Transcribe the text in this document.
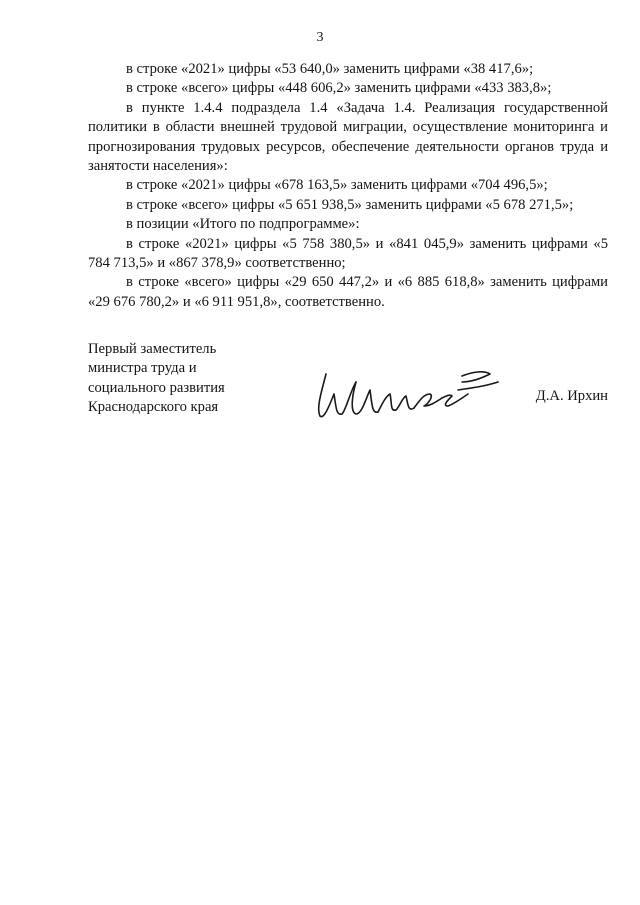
3

в строке «2021» цифры «53 640,0» заменить цифрами «38 417,6»;

в строке «всего» цифры «448 606,2» заменить цифрами «433 383,8»;

в пункте 1.4.4 подраздела 1.4 «Задача 1.4. Реализация государственной политики в области внешней трудовой миграции, осуществление мониторинга и прогнозирования трудовых ресурсов, обеспечение деятельности органов труда и занятости населения»:

в строке «2021» цифры «678 163,5» заменить цифрами «704 496,5»;

в строке «всего» цифры «5 651 938,5» заменить цифрами «5 678 271,5»;

в позиции «Итого по подпрограмме»:

в строке «2021» цифры «5 758 380,5» и «841 045,9» заменить цифрами «5 784 713,5» и «867 378,9» соответственно;

в строке «всего» цифры «29 650 447,2» и «6 885 618,8» заменить цифрами «29 676 780,2» и «6 911 951,8», соответственно.

Первый заместитель
министра труда и
социального развития
Краснодарского края
Д.А. Ирхин
